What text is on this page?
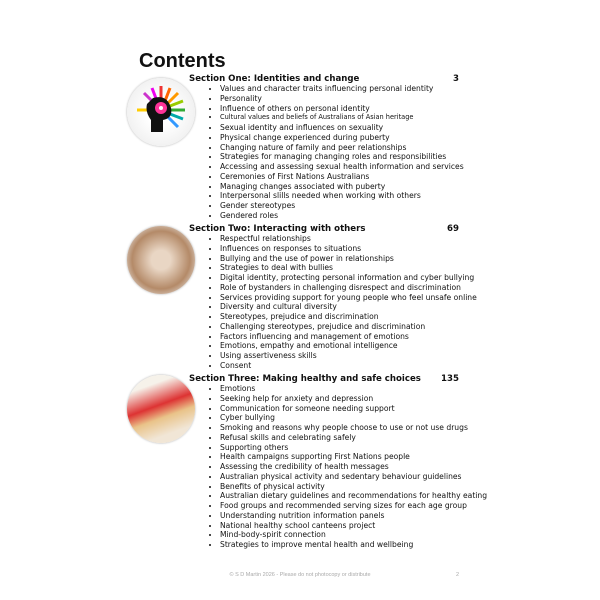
Contents
Section One: Identities and change	3
• Values and character traits influencing personal identity
• Personality
• Influence of others on personal identity
• Cultural values and beliefs of Australians of Asian heritage
• Sexual identity and influences on sexuality
• Physical change experienced during puberty
• Changing nature of family and peer relationships
• Strategies for managing changing roles and responsibilities
• Accessing and assessing sexual health information and services
• Ceremonies of First Nations Australians
• Managing changes associated with puberty
• Interpersonal slills needed when working with others
• Gender stereotypes
• Gendered roles
Section Two: Interacting with others	69
• Respectful relationships
• Influences on responses to situations
• Bullying and the use of power in relationships
• Strategies to deal with bullies
• Digital identity, protecting personal information and cyber bullying
• Role of bystanders in challenging disrespect and discrimination
• Services providing support for young people who feel unsafe online
• Diversity and cultural diversity
• Stereotypes, prejudice and discrimination
• Challenging stereotypes, prejudice and discrimination
• Factors influencing and management of emotions
• Emotions, empathy and emotional intelligence
• Using assertiveness skills
• Consent
Section Three: Making healthy and safe choices 135
• Emotions
• Seeking help for anxiety and depression
• Communication for someone needing support
• Cyber bullying
• Smoking and reasons why people choose to use or not use drugs
• Refusal skills and celebrating safely
• Supporting others
• Health campaigns supporting First Nations people
• Assessing the credibility of health messages
• Australian physical activity and sedentary behaviour guidelines
• Benefits of physical activity
• Australian dietary guidelines and recommendations for healthy eating
• Food groups and recommended serving sizes for each age group
• Understanding nutrition information panels
• National healthy school canteens project
• Mind-body-spirit connection
• Strategies to improve mental health and wellbeing
© S D Martin 2026 - Please do not photocopy or distribute	2
